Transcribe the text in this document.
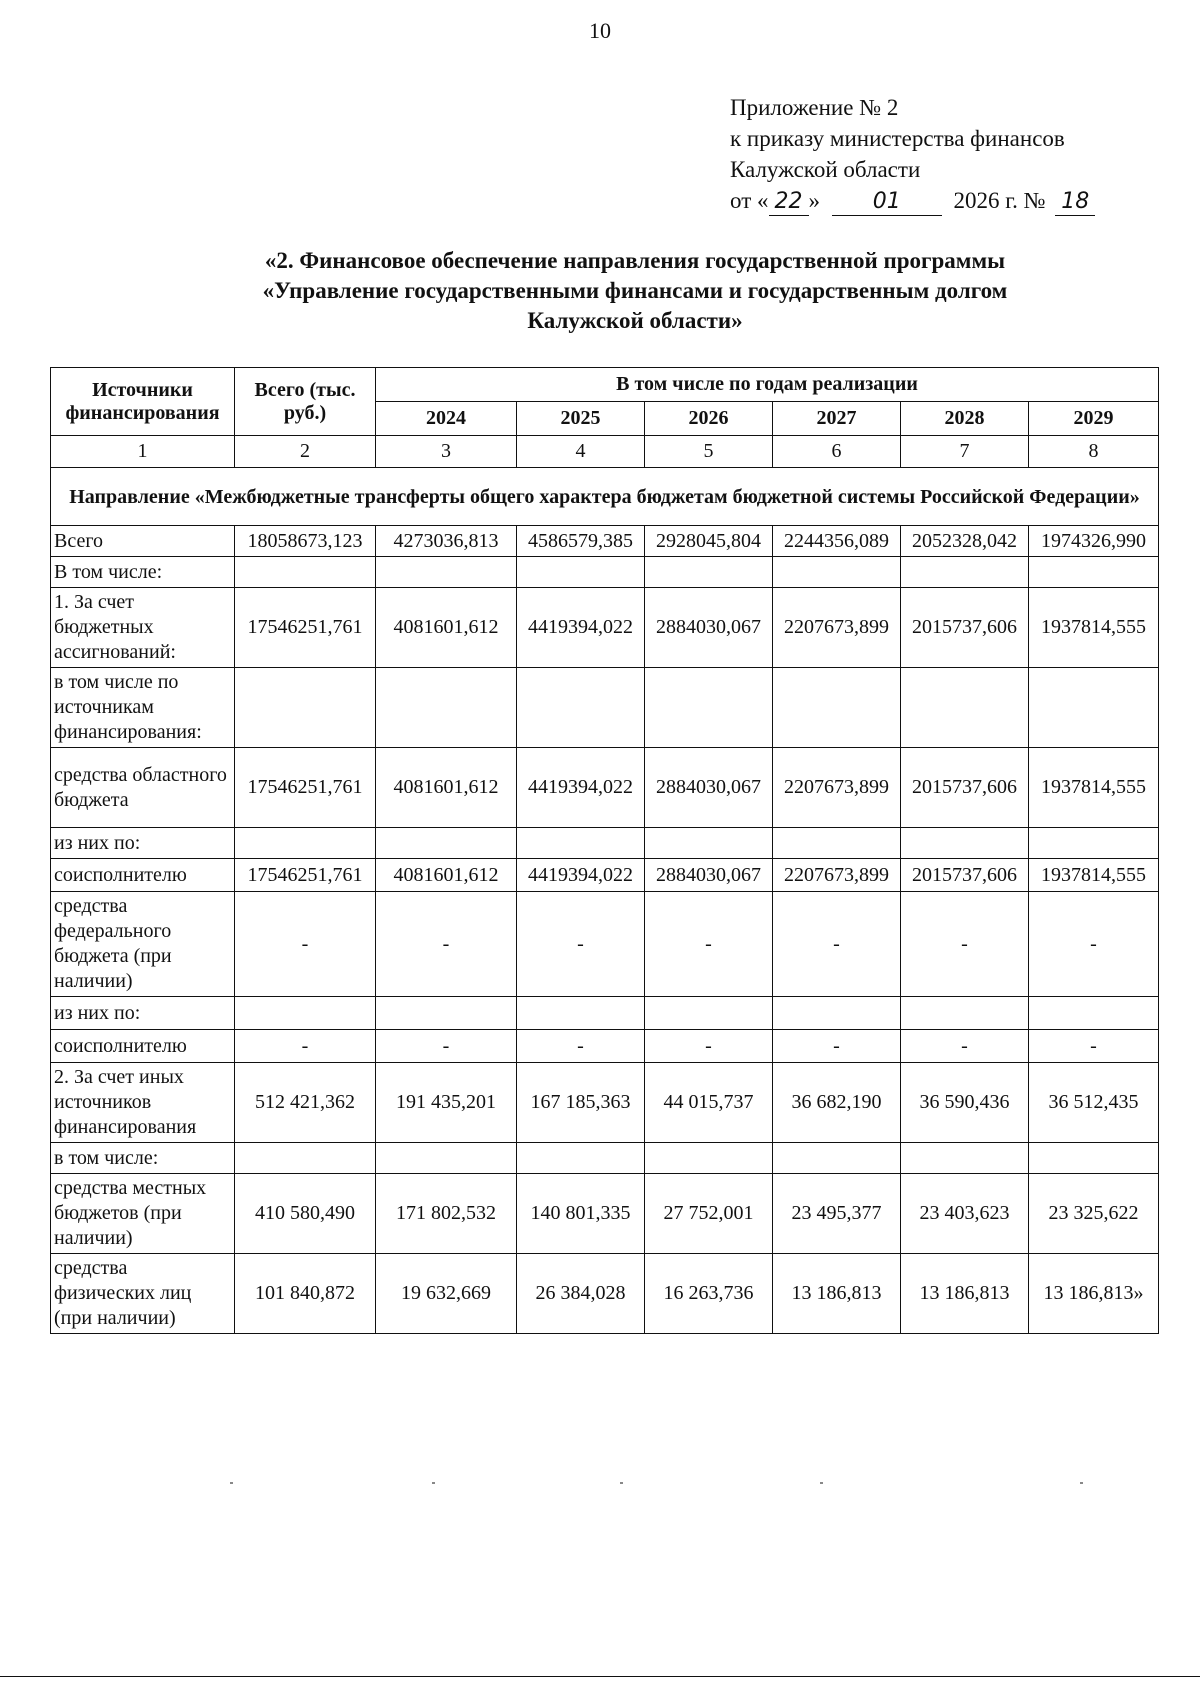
10
Приложение № 2
к приказу министерства финансов
Калужской области
от « 22 » 01 2026 г. № 18
«2. Финансовое обеспечение направления государственной программы
«Управление государственными финансами и государственным долгом
Калужской области»
Источники финансирования	Всего (тыс. руб.)	В том числе по годам реализации					
		2024	2025	2026	2027	2028	2029
1	2	3	4	5	6	7	8
Направление «Межбюджетные трансферты общего характера бюджетам бюджетной системы Российской Федерации»							
Всего	18058673,123	4273036,813	4586579,385	2928045,804	2244356,089	2052328,042	1974326,990
В том числе:							
1. За счет бюджетных ассигнований:	17546251,761	4081601,612	4419394,022	2884030,067	2207673,899	2015737,606	1937814,555
в том числе по источникам финансирования:							
средства областного бюджета	17546251,761	4081601,612	4419394,022	2884030,067	2207673,899	2015737,606	1937814,555
из них по:							
соисполнителю	17546251,761	4081601,612	4419394,022	2884030,067	2207673,899	2015737,606	1937814,555
средства федерального бюджета (при наличии)	-	-	-	-	-	-	-
из них по:							
соисполнителю	-	-	-	-	-	-	-
2. За счет иных источников финансирования	512 421,362	191 435,201	167 185,363	44 015,737	36 682,190	36 590,436	36 512,435
в том числе:							
средства местных бюджетов (при наличии)	410 580,490	171 802,532	140 801,335	27 752,001	23 495,377	23 403,623	23 325,622
средства физических лиц (при наличии)	101 840,872	19 632,669	26 384,028	16 263,736	13 186,813	13 186,813	13 186,813»
